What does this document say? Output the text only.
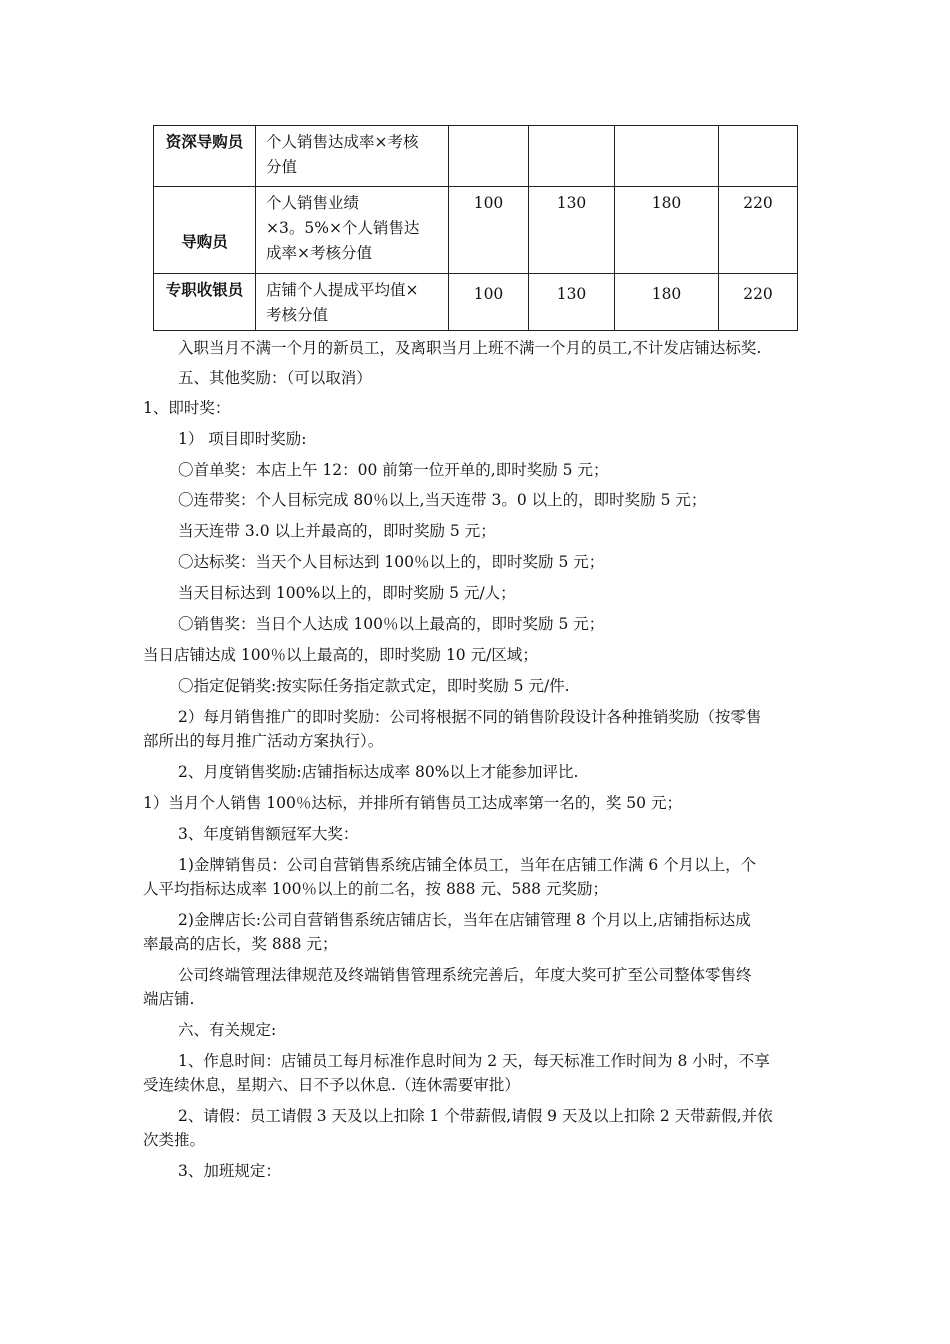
资深导购员	个人销售达成率×考核
分值				

导购员	个人销售业绩
×3。5%×个人销售达
成率×考核分值	100	130	180	220
专职收银员	店铺个人提成平均值×
考核分值	100	130	180	220
入职当月不满一个月的新员工，及离职当月上班不满一个月的员工,不计发店铺达标奖.
五、其他奖励：（可以取消）
1、即时奖：
1） 项目即时奖励:
〇首单奖：本店上午 12：00 前第一位开单的,即时奖励 5 元；
〇连带奖：个人目标完成 80％以上,当天连带 3。0 以上的，即时奖励 5 元；
当天连带 3.0 以上并最高的，即时奖励 5 元；
〇达标奖：当天个人目标达到 100％以上的，即时奖励 5 元；
当天目标达到 100%以上的，即时奖励 5 元/人；
〇销售奖：当日个人达成 100％以上最高的，即时奖励 5 元；
当日店铺达成 100％以上最高的，即时奖励 10 元/区域；
〇指定促销奖:按实际任务指定款式定，即时奖励 5 元/件.
2）每月销售推广的即时奖励：公司将根据不同的销售阶段设计各种推销奖励（按零售
部所出的每月推广活动方案执行）。
2、月度销售奖励:店铺指标达成率 80%以上才能参加评比.
1）当月个人销售 100％达标，并排所有销售员工达成率第一名的，奖 50 元；
3、年度销售额冠军大奖：
1)金牌销售员：公司自营销售系统店铺全体员工，当年在店铺工作满 6 个月以上，个
人平均指标达成率 100％以上的前二名，按 888 元、588 元奖励；
2)金牌店长:公司自营销售系统店铺店长，当年在店铺管理 8 个月以上,店铺指标达成
率最高的店长，奖 888 元；
公司终端管理法律规范及终端销售管理系统完善后，年度大奖可扩至公司整体零售终
端店铺.
六、有关规定:
1、作息时间：店铺员工每月标准作息时间为 2 天，每天标准工作时间为 8 小时，不享
受连续休息，星期六、日不予以休息.（连休需要审批）
2、请假：员工请假 3 天及以上扣除 1 个带薪假,请假 9 天及以上扣除 2 天带薪假,并依
次类推。
3、加班规定：
